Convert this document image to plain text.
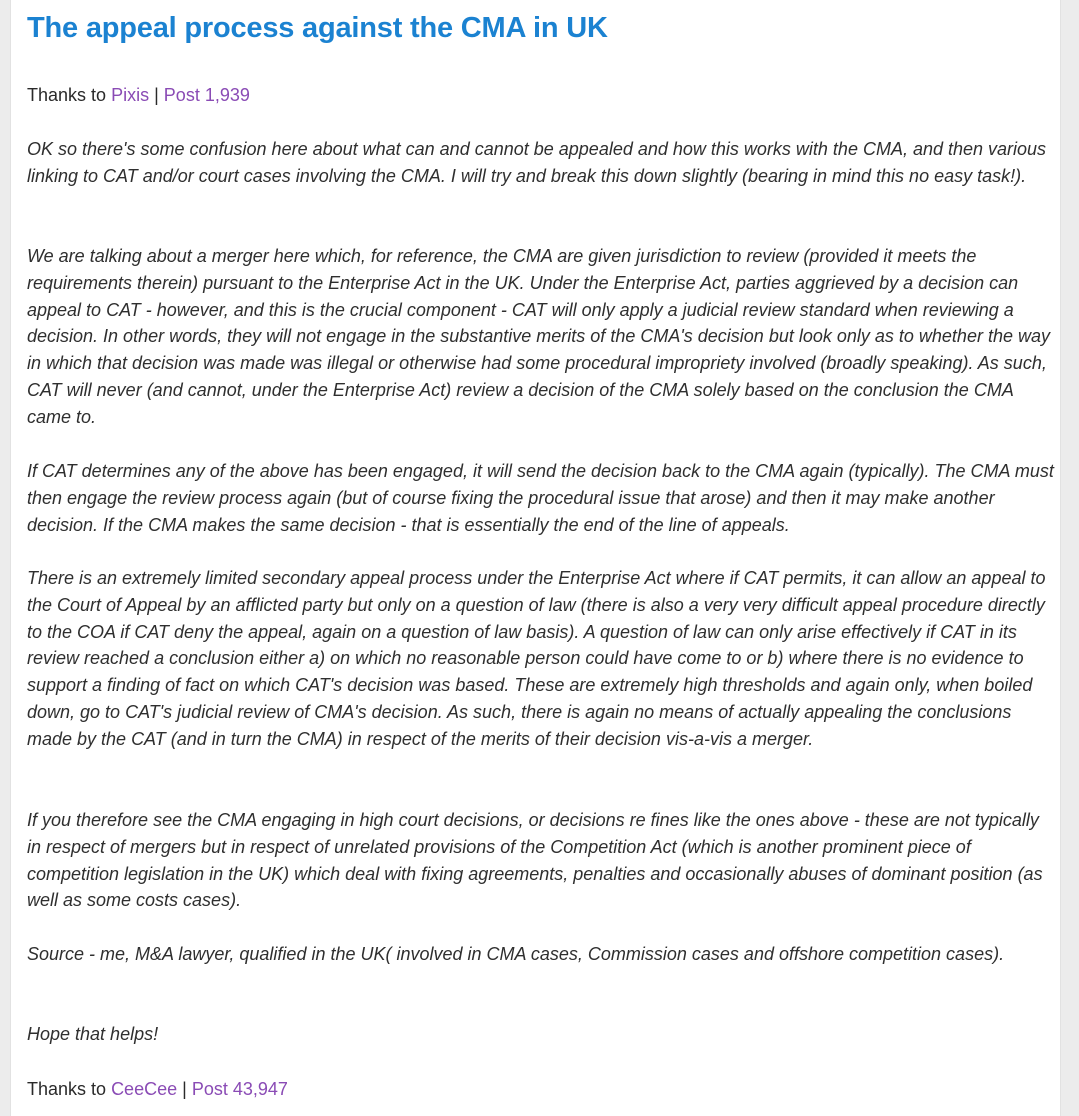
The appeal process against the CMA in UK

Thanks to Pixis | Post 1,939

OK so there's some confusion here about what can and cannot be appealed and how this works with the CMA, and then various linking to CAT and/or court cases involving the CMA. I will try and break this down slightly (bearing in mind this no easy task!).

We are talking about a merger here which, for reference, the CMA are given jurisdiction to review (provided it meets the requirements therein) pursuant to the Enterprise Act in the UK. Under the Enterprise Act, parties aggrieved by a decision can appeal to CAT - however, and this is the crucial component - CAT will only apply a judicial review standard when reviewing a decision. In other words, they will not engage in the substantive merits of the CMA's decision but look only as to whether the way in which that decision was made was illegal or otherwise had some procedural impropriety involved (broadly speaking). As such, CAT will never (and cannot, under the Enterprise Act) review a decision of the CMA solely based on the conclusion the CMA came to.

If CAT determines any of the above has been engaged, it will send the decision back to the CMA again (typically). The CMA must then engage the review process again (but of course fixing the procedural issue that arose) and then it may make another decision. If the CMA makes the same decision - that is essentially the end of the line of appeals.

There is an extremely limited secondary appeal process under the Enterprise Act where if CAT permits, it can allow an appeal to the Court of Appeal by an afflicted party but only on a question of law (there is also a very very difficult appeal procedure directly to the COA if CAT deny the appeal, again on a question of law basis). A question of law can only arise effectively if CAT in its review reached a conclusion either a) on which no reasonable person could have come to or b) where there is no evidence to support a finding of fact on which CAT's decision was based. These are extremely high thresholds and again only, when boiled down, go to CAT's judicial review of CMA's decision. As such, there is again no means of actually appealing the conclusions made by the CAT (and in turn the CMA) in respect of the merits of their decision vis-a-vis a merger.

If you therefore see the CMA engaging in high court decisions, or decisions re fines like the ones above - these are not typically in respect of mergers but in respect of unrelated provisions of the Competition Act (which is another prominent piece of competition legislation in the UK) which deal with fixing agreements, penalties and occasionally abuses of dominant position (as well as some costs cases).

Source - me, M&A lawyer, qualified in the UK( involved in CMA cases, Commission cases and offshore competition cases).

Hope that helps!

Thanks to CeeCee | Post 43,947
